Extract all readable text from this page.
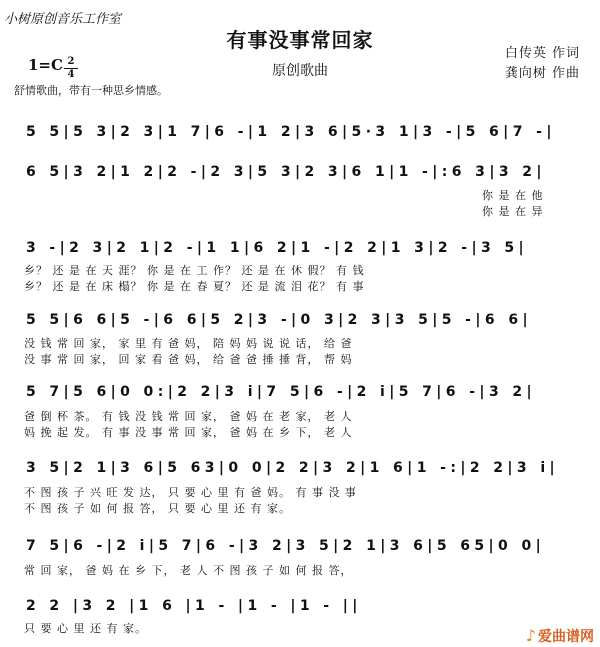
小树原创音乐工作室
有事没事常回家
原创歌曲
白传英 作词
龚向树 作曲
1=C 2
4
舒情歌曲，带有一种思乡情感。
5 5|5 3|2 3|1 7|6 -|1 2|3 6|5·3 1|3 -|5 6|7 -|
6 5|3 2|1 2|2 -|2 3|5 3|2 3|6 1|1 -|:6 3|3 2|
你 是 在 他
你 是 在 异
3 -|2 3|2 1|2 -|1 1|6 2|1 -|2 2|1 3|2 -|3 5|
乡？ 还 是 在 天 涯？ 你 是 在 工 作？ 还 是 在 休 假？ 有 钱
乡？ 还 是 在 床 榻？ 你 是 在 春 夏？ 还 是 流 泪 花？ 有 事
5 5|6 6|5 -|6 6|5 2|3 -|0 3|2 3|3 5|5 -|6 6|
没 钱 常 回 家， 家 里 有 爸 妈， 陪 妈 妈 说 说 话， 给 爸
没 事 常 回 家， 回 家 看 爸 妈， 给 爸 爸 捶 捶 背， 帮 妈
5 7|5 6|0 0:|2 2|3 i|7 5|6 -|2 i|5 7|6 -|3 2|
爸 倒 杯 茶。 有 钱 没 钱 常 回 家， 爸 妈 在 老 家， 老 人
妈 挽 起 发。 有 事 没 事 常 回 家， 爸 妈 在 乡 下， 老 人
3 5|2 1|3 6|5 63|0 0|2 2|3 2|1 6|1 -:|2 2|3 i|
不 图 孩 子 兴 旺 发 达， 只 要 心 里 有 爸 妈。 有 事 没 事
不 图 孩 子 如 何 报 答， 只 要 心 里 还 有 家。
7 5|6 -|2 i|5 7|6 -|3 2|3 5|2 1|3 6|5 65|0 0|
常 回 家， 爸 妈 在 乡 下， 老 人 不 图 孩 子 如 何 报 答，
2 2 |3 2 |1 6 |1 - |1 - |1 - ||
只 要 心 里 还 有 家。	♪ 爱曲谱网
